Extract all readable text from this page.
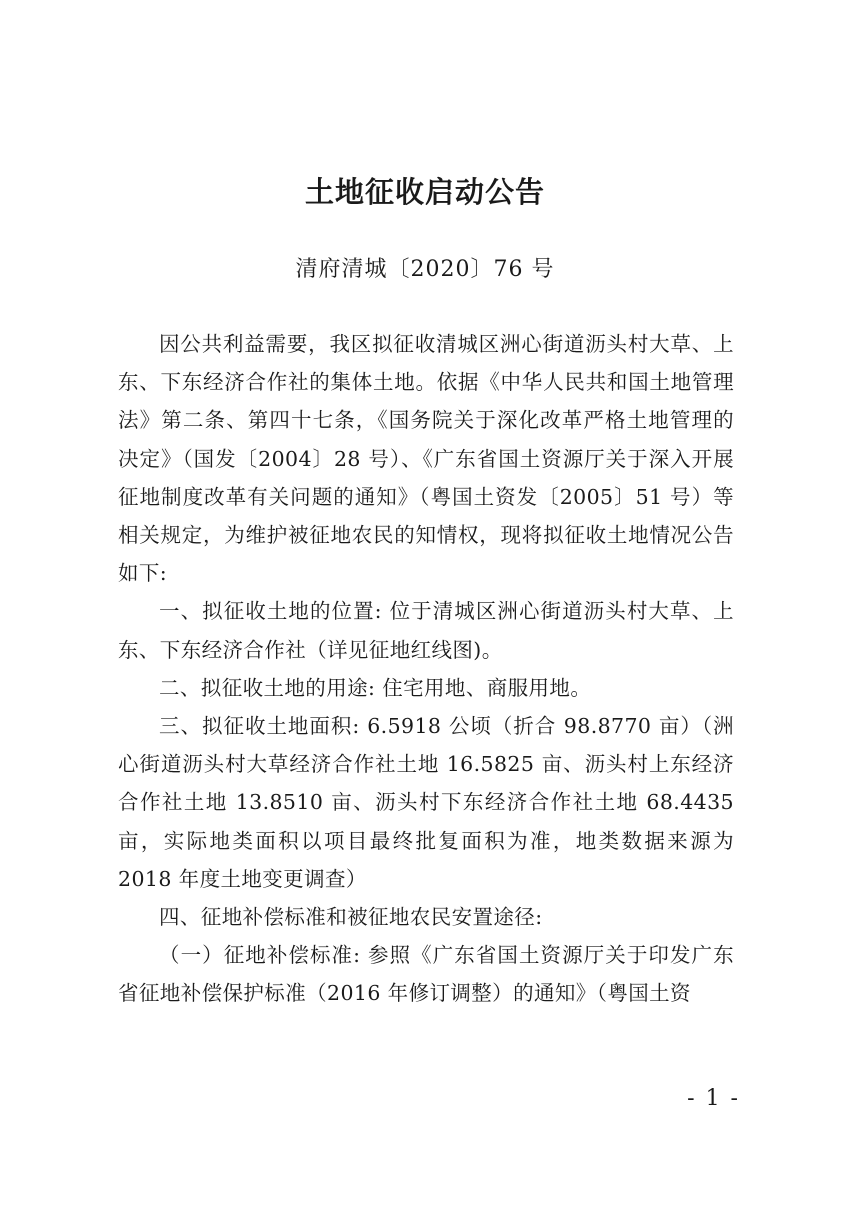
土地征收启动公告
清府清城〔2020〕76 号

因公共利益需要，我区拟征收清城区洲心街道沥头村大草、上东、下东经济合作社的集体土地。依据《中华人民共和国土地管理法》第二条、第四十七条，《国务院关于深化改革严格土地管理的决定》（国发〔2004〕28 号）、《广东省国土资源厅关于深入开展征地制度改革有关问题的通知》（粤国土资发〔2005〕51 号）等相关规定，为维护被征地农民的知情权，现将拟征收土地情况公告如下:

一、拟征收土地的位置: 位于清城区洲心街道沥头村大草、上东、下东经济合作社（详见征地红线图)。

二、拟征收土地的用途: 住宅用地、商服用地。

三、拟征收土地面积: 6.5918 公顷（折合 98.8770 亩）（洲心街道沥头村大草经济合作社土地 16.5825 亩、沥头村上东经济合作社土地 13.8510 亩、沥头村下东经济合作社土地 68.4435 亩，实际地类面积以项目最终批复面积为准，地类数据来源为 2018 年度土地变更调查）

四、征地补偿标准和被征地农民安置途径:

（一）征地补偿标准: 参照《广东省国土资源厅关于印发广东省征地补偿保护标准（2016 年修订调整）的通知》（粤国土资

- 1 -
